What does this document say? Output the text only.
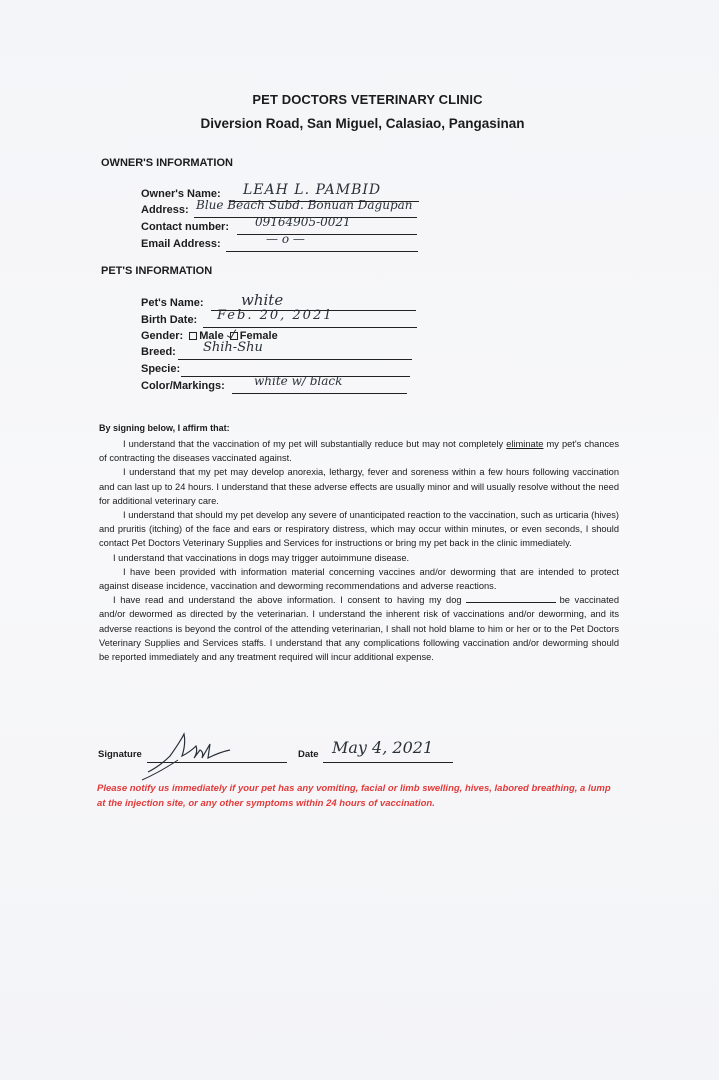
PET DOCTORS VETERINARY CLINIC
Diversion Road, San Miguel, Calasiao, Pangasinan
OWNER'S INFORMATION
Owner's Name: LEAH L. PAMBID
Address: Blue Beach Subd. Bonuan Dagupan
Contact number: 09164905-0021
Email Address:	— o —
PET'S INFORMATION
Pet's Name: white
Birth Date: Feb. 20, 2021
Gender: Male Female
Breed: Shih-Shu
Specie:
Color/Markings: white w/ black
By signing below, I affirm that:

I understand that the vaccination of my pet will substantially reduce but may not completely eliminate my pet's chances of contracting the diseases vaccinated against.

I understand that my pet may develop anorexia, lethargy, fever and soreness within a few hours following vaccination and can last up to 24 hours. I understand that these adverse effects are usually minor and will usually resolve without the need for additional veterinary care.

I understand that should my pet develop any severe of unanticipated reaction to the vaccination, such as urticaria (hives) and pruritis (itching) of the face and ears or respiratory distress, which may occur within minutes, or even seconds, I should contact Pet Doctors Veterinary Supplies and Services for instructions or bring my pet back in the clinic immediately.

I understand that vaccinations in dogs may trigger autoimmune disease.

I have been provided with information material concerning vaccines and/or deworming that are intended to protect against disease incidence, vaccination and deworming recommendations and adverse reactions.

I have read and understand the above information. I consent to having my dog	be vaccinated and/or dewormed as directed by the veterinarian. I understand the inherent risk of vaccinations and/or deworming, and its adverse reactions is beyond the control of the attending veterinarian, I shall not hold blame to him or her or to the Pet Doctors Veterinary Supplies and Services staffs. I understand that any complications following vaccination and/or deworming should be reported immediately and any treatment required will incur additional expense.

Signature	Date May 4, 2021
Please notify us immediately if your pet has any vomiting, facial or limb swelling, hives, labored breathing, a lump at the injection site, or any other symptoms within 24 hours of vaccination.
